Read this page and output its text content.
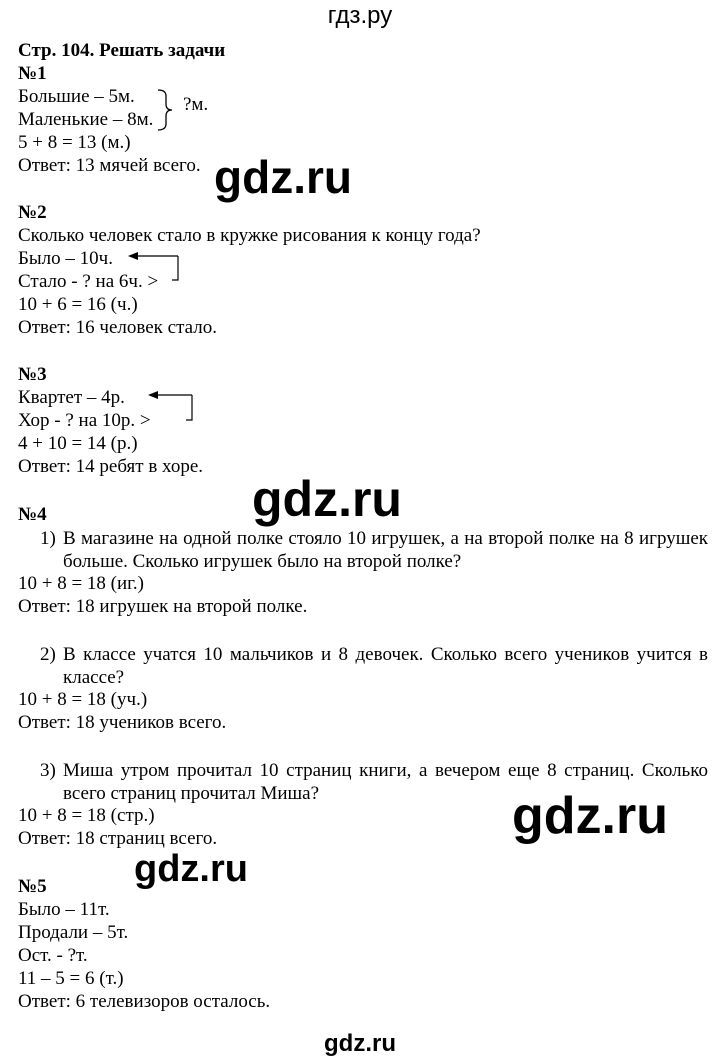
гдз.ру
Стр. 104. Решать задачи
№1
Большие – 5м.
Маленькие – 8м.
?м.
5 + 8 = 13 (м.)
Ответ: 13 мячей всего.
№2
Сколько человек стало в кружке рисования к концу года?
Было – 10ч.
Стало - ? на 6ч. >
10 + 6 = 16 (ч.)
Ответ: 16 человек стало.
№3
Квартет – 4р.
Хор - ? на 10р. >
4 + 10 = 14 (р.)
Ответ: 14 ребят в хоре.
№4
1) В магазине на одной полке стояло 10 игрушек, а на второй полке на 8 игрушек больше. Сколько игрушек было на второй полке?
10 + 8 = 18 (иг.)
Ответ: 18 игрушек на второй полке.
2) В классе учатся 10 мальчиков и 8 девочек. Сколько всего учеников учится в классе?
10 + 8 = 18 (уч.)
Ответ: 18 учеников всего.
3) Миша утром прочитал 10 страниц книги, а вечером еще 8 страниц. Сколько всего страниц прочитал Миша?
10 + 8 = 18 (стр.)
Ответ: 18 страниц всего.
№5
Было – 11т.
Продали – 5т.
Ост. - ?т.
11 – 5 = 6 (т.)
Ответ: 6 телевизоров осталось.
gdz.ru
gdz.ru
gdz.ru
gdz.ru
gdz.ru
